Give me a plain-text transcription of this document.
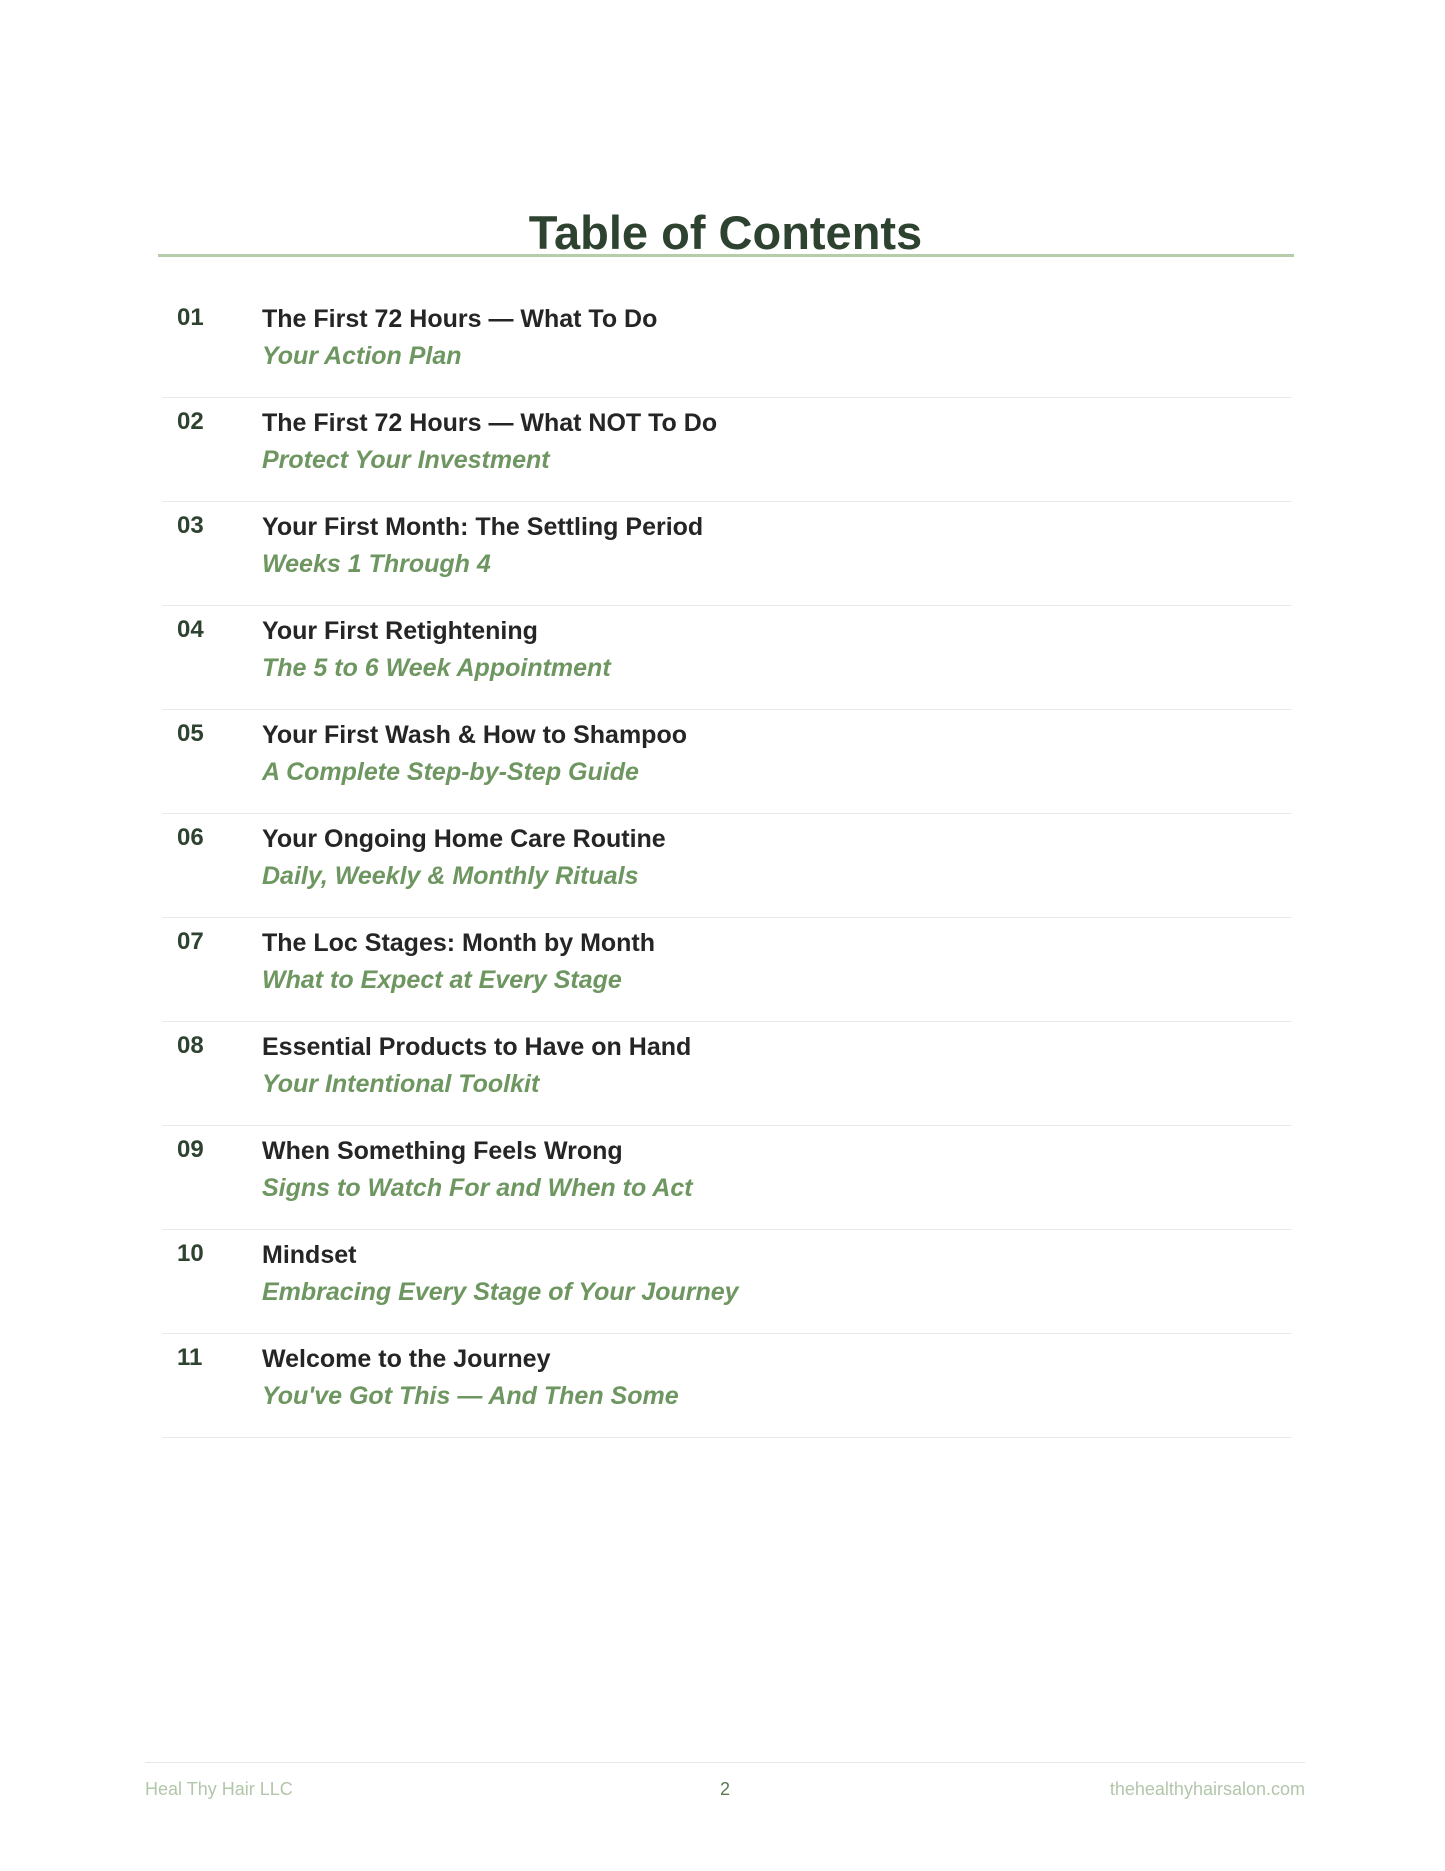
Table of Contents
01 The First 72 Hours — What To Do
Your Action Plan
02 The First 72 Hours — What NOT To Do
Protect Your Investment
03 Your First Month: The Settling Period
Weeks 1 Through 4
04 Your First Retightening
The 5 to 6 Week Appointment
05 Your First Wash & How to Shampoo
A Complete Step-by-Step Guide
06 Your Ongoing Home Care Routine
Daily, Weekly & Monthly Rituals
07 The Loc Stages: Month by Month
What to Expect at Every Stage
08 Essential Products to Have on Hand
Your Intentional Toolkit
09 When Something Feels Wrong
Signs to Watch For and When to Act
10 Mindset
Embracing Every Stage of Your Journey
11 Welcome to the Journey
You've Got This — And Then Some
Heal Thy Hair LLC	2	thehealthyhairsalon.com
